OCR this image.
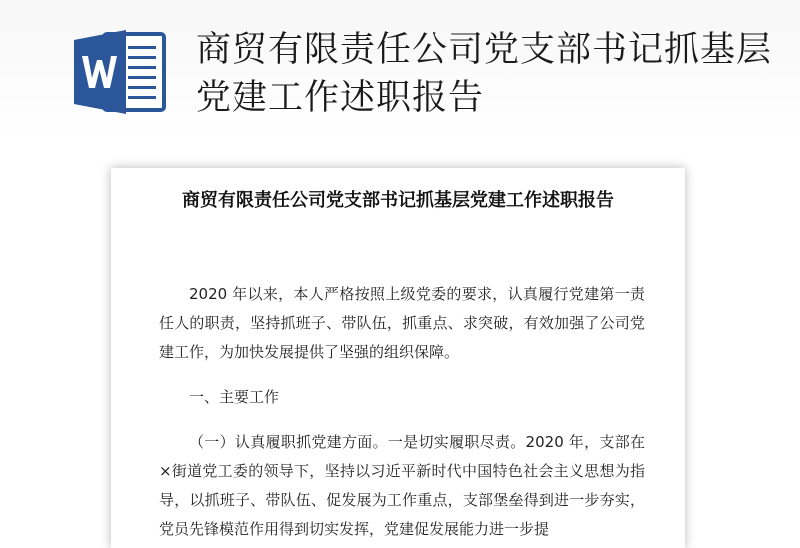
商贸有限责任公司党支部书记抓基层党建工作述职报告
商贸有限责任公司党支部书记抓基层党建工作述职报告

2020 年以来，本人严格按照上级党委的要求，认真履行党建第一责任人的职责，坚持抓班子、带队伍，抓重点、求突破，有效加强了公司党建工作，为加快发展提供了坚强的组织保障。

一、主要工作

（一）认真履职抓党建方面。一是切实履职尽责。2020 年，支部在×街道党工委的领导下，坚持以习近平新时代中国特色社会主义思想为指导，以抓班子、带队伍、促发展为工作重点，支部堡垒得到进一步夯实，党员先锋模范作用得到切实发挥，党建促发展能力进一步提
